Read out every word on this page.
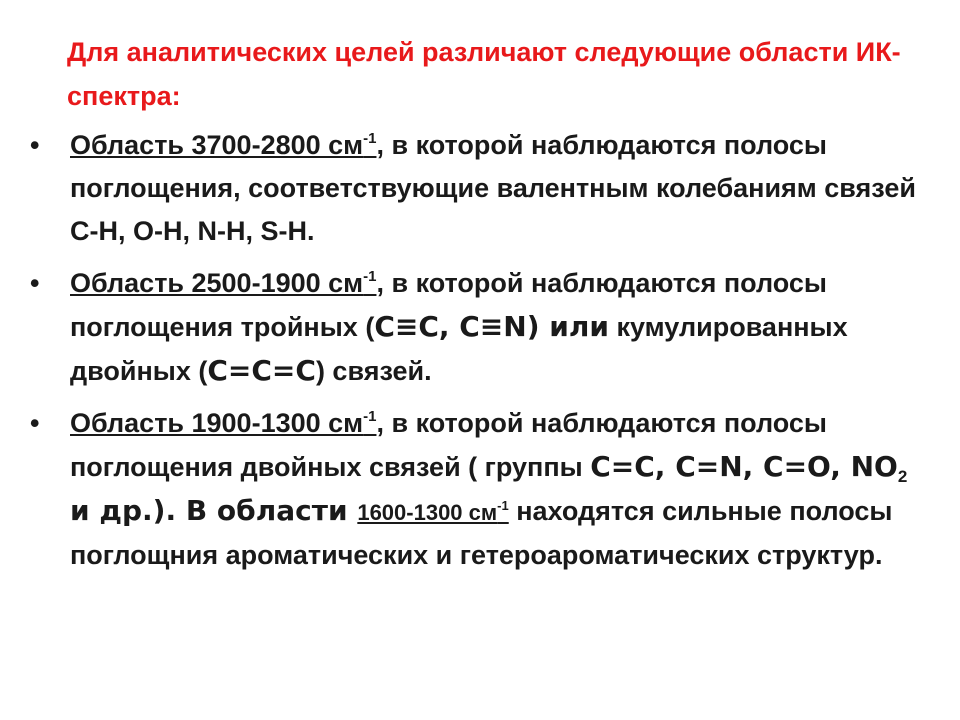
Для аналитических целей различают следующие области ИК-спектра:
• Область 3700-2800 $см^{-1}$, в которой наблюдаются полосы поглощения, соответствующие валентным колебаниям связей С-Н, О-Н, N-Н, S-Н.
• Область 2500-1900 $см^{-1}$, в которой наблюдаются полосы поглощения тройных (C≡C, C≡N) или кумулированных двойных (C=C=C) связей.
• Область 1900-1300 $см^{-1}$, в которой наблюдаются полосы поглощения двойных связей ( группы C=C, C=N, C=O, $NO_2$ и др.). В области 1600-1300 $см^{-1}$ находятся сильные полосы поглощния ароматических и гетероароматических структур.
